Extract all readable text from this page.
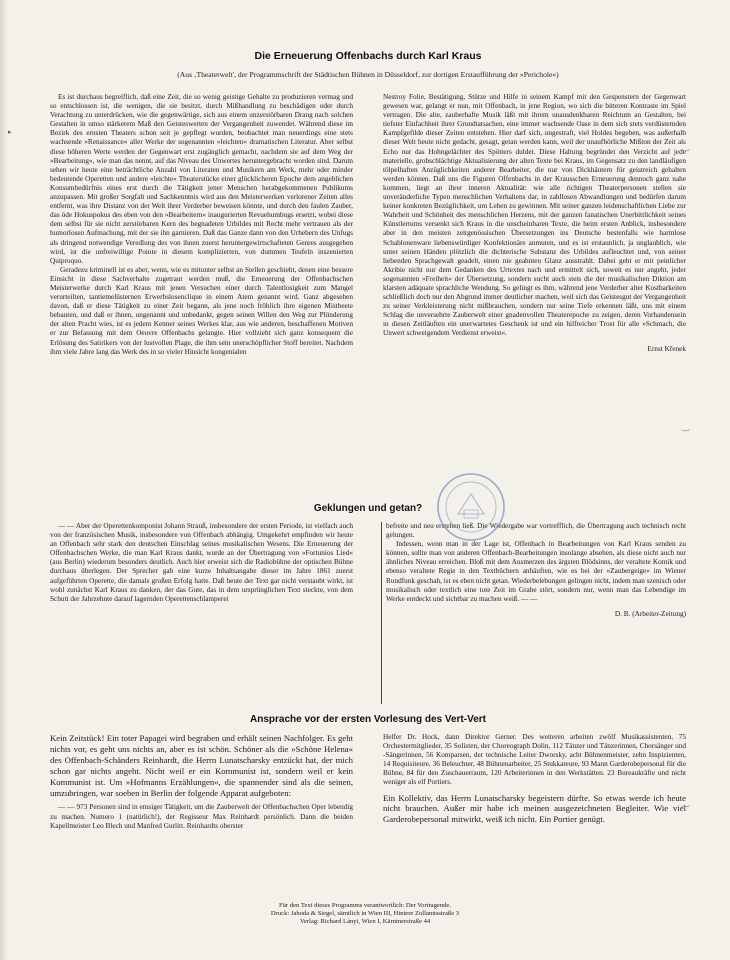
▸
‿
‿
‿
Die Erneuerung Offenbachs durch Karl Kraus
(Aus ‚Theaterwelt', der Programmschrift der Städtischen Bühnen in Düsseldorf, zur dortigen Erstaufführung der »Perichole«)

Es ist durchaus begreiflich, daß eine Zeit, die so wenig geistige Gehalte zu produzieren vermag und so entschlossen ist, die wenigen, die sie besitzt, durch Mißhandlung zu beschädigen oder durch Verachtung zu unterdrücken, wie die gegenwärtige, sich aus einem unzerstörbaren Drang nach solchen Gestalten in umso stärkerem Maß den Geisteswerten der Vergangenheit zuwendet. Während diese im Bezirk des ernsten Theaters schon seit je gepflegt wurden, beobachtet man neuerdings eine stets wachsende »Renaissance« aller Werke der sogenannten »leichten« dramatischen Literatur. Aber selbst diese höheren Werte werden der Gegenwart erst zugänglich gemacht, nachdem sie auf dem Weg der »Bearbeitung«, wie man das nennt, auf das Niveau des Unwertes heruntergebracht worden sind. Darum sehen wir heute eine beträchtliche Anzahl von Literaten und Musikern am Werk, mehr oder minder bedeutende Operetten und andere »leichte« Theaterstücke einer glücklicheren Epoche dem angeblichen Konsumbedürfnis eines erst durch die Tätigkeit jener Menschen herabgekommenen Publikums anzupassen. Mit großer Sorgfalt und Sachkenntnis wird aus den Meisterwerken verlorener Zeiten alles entfernt, was ihre Distanz von der Welt ihrer Verderber beweisen könnte, und durch den faulen Zauber, das öde Hokuspokus des eben von den »Bearbeitern« inaugurierten Revuehumbugs ersetzt, wobei diese dem selbst für sie nicht zerstörbaren Kern des begnadeten Urbildes mit Recht mehr vertrauen als der humorlosen Aufmachung, mit der sie ihn garnieren. Daß das Ganze dann von den Urhebern des Unfugs als dringend notwendige Veredlung des von ihnen zuerst heruntergewirtschafteten Genres ausgegeben wird, ist die unfreiwillige Pointe in diesem komplizierten, von dummen Teufeln inszenierten Quiproquo.

Geradezu kriminell ist es aber, wenn, wie es mitunter selbst an Stellen geschieht, denen eine bessere Einsicht in diese Sachverhalte zugetraut werden muß, die Erneuerung der Offenbachschen Meisterwerke durch Karl Kraus mit jenen Versuchen einer durch Talentlosigkeit zum Mangel verurteilten, tantiemelüsternen Erwerbslosenclique in einem Atem genannt wird. Ganz abgesehen davon, daß er diese Tätigkeit zu einer Zeit begann, als jene noch fröhlich ihre eigenen Mistbeete bebauten, und daß er ihnen, ungenannt und unbedankt, gegen seinen Willen den Weg zur Plünderung der alten Pracht wies, ist es jedem Kenner seines Werkes klar, aus wie anderen, beschaffenen Motiven er zur Befassung mit dem Oeuvre Offenbachs gelangte. Hier vollzieht sich ganz konsequent die Erlösung des Satirikers von der lustvollen Plage, die ihm sein unerschöpflicher Stoff bereitet. Nachdem ihm viele Jahre lang das Werk des in so vieler Hinsicht kongenialen

Nestroy Folie, Bestätigung, Stütze und Hilfe in seinem Kampf mit den Gespenstern der Gegenwart gewesen war, gelangt er nun, mit Offenbach, in jene Region, wo sich die bitteren Kontraste im Spiel vertragen. Die alte, zauberhafte Musik läßt mit ihrem unausdenkbaren Reichtum an Gestalten, bei tiefster Einfachheit ihrer Grundtatsachen, eine immer wachsende Oase in dem sich stets verdüsternden Kampfgefilde dieser Zeiten entstehen. Hier darf sich, ungestraft, viel Holdes begeben, was außerhalb dieser Welt heute nicht gedacht, gesagt, getan werden kann, weil der unaufhörliche Mißton der Zeit als Echo nur das Hohngelächter des Spötters duldet. Diese Haltung begründet den Verzicht auf jede materielle, grobschlächtige Aktualisierung der alten Texte bei Kraus, im Gegensatz zu den landläufigen tölpelhaften Anzüglichkeiten anderer Bearbeiter, die nur von Dickhäutern für geistreich gehalten werden können. Daß uns die Figuren Offenbachs in der Krausschen Erneuerung dennoch ganz nahe kommen, liegt an ihrer inneren Aktualität: wie alle richtigen Theaterpersonen stellen sie unveränderliche Typen menschlichen Verhaltens dar, in zahllosen Abwandlungen und bedürfen darum keiner konkreten Bezüglichkeit, um Leben zu gewinnen. Mit seiner ganzen leidenschaftlichen Liebe zur Wahrheit und Schönheit des menschlichen Herzens, mit der ganzen fanatischen Unerbittlichkeit seines Künstlertums versenkt sich Kraus in die unscheinbaren Texte, die beim ersten Anblick, insbesondere aber in den meisten zeitgenössischen Übersetzungen ins Deutsche bestenfalls wie harmlose Schablonenware liebenswürdiger Konfektionäre anmuten, und es ist erstaunlich, ja unglaublich, wie unter seinen Händen plötzlich die dichterische Substanz des Urbildes aufleuchtet und, von seiner liebenden Sprachgewalt geadelt, einen nie geahnten Glanz ausstrahlt. Dabei geht er mit peinlicher Akribie nicht nur dem Gedanken des Urtextes nach und ermittelt sich, soweit es nur angeht, jeder sogenannten »Freiheit« der Übersetzung, sondern sucht auch stets die der musikalischen Diktion am klarsten adäquate sprachliche Wendung. So gelingt es ihm, während jene Verderber alter Kostbarkeiten schließlich doch nur den Abgrund immer deutlicher machen, weil sich das Geistesgut der Vergangenheit zu seiner Verkleisterung nicht mißbrauchen, sondern nur seine Tiefe erkennen läßt, uns mit einem Schlag die unversehrte Zauberwelt einer gnadenvollen Theaterepoche zu zeigen, deren Vorhandensein in diesen Zeitläuften ein unerwartetes Geschenk ist und ein hilfreicher Trost für alle »Schmach, die Unwert schweigendem Verdienst erweist«.

Ernst Křenek

Geklungen und getan?

— — Aber der Operettenkomponist Johann Strauß, insbesondere der ersten Periode, ist vielfach auch von der französischen Musik, insbesondere von Offenbach abhängig. Umgekehrt empfinden wir heute an Offenbach sehr stark den deutschen Einschlag seines musikalischen Wesens. Die Erneuerung der Offenbachschen Werke, die man Karl Kraus dankt, wurde an der Übertragung von »Fortunios Lied« (aus Berlin) wiederum besonders deutlich. Auch hier erweist sich die Radiobühne der optischen Bühne durchaus überlegen. Der Sprecher gab eine kurze Inhaltsangabe dieser im Jahre 1861 zuerst aufgeführten Operette, die damals großen Erfolg hatte. Daß heute der Text gar nicht verstaubt wirkt, ist wohl zunächst Karl Kraus zu danken, der das Gute, das in dem ursprünglichen Text steckte, von dem Schutt der Jahrzehnte darauf lagernden Operettenschlamperei

befreite und neu erstehen ließ. Die Wiedergabe war vortrefflich, die Übertragung auch technisch recht gelungen.

Indessen, wenn man in der Lage ist, Offenbach in Bearbeitungen von Karl Kraus senden zu können, sollte man von anderen Offenbach-Bearbeitungen insolange absehen, als diese nicht auch nur ähnliches Niveau erreichen. Bloß mit dem Ausmerzen des ärgsten Blödsinns, der veraltete Komik und ebenso veraltete Regie in den Textbüchern anhäuften, wie es bei der »Zaubergeige« im Wiener Rundfunk geschah, ist es eben nicht getan. Wiederbelebungen gelingen nicht, indem man szenisch oder musikalisch oder textlich eine tote Zeit im Grabe stört, sondern nur, wenn man das Lebendige im Werke entdeckt und sichtbar zu machen weiß. — —

D. B. (Arbeiter-Zeitung)

Ansprache vor der ersten Vorlesung des Vert-Vert

Kein Zeitstück! Ein toter Papagei wird begraben und erhält seinen Nachfolger. Es geht nichts vor, es geht uns nichts an, aber es ist schön. Schöner als die »Schöne Helena« des Offenbach-Schänders Reinhardt, die Herrn Lunatscharsky entzückt hat, der mich schon gar nichts angeht. Nicht weil er ein Kommunist ist, sondern weil er kein Kommunist ist. Um »Hofmanns Erzählungen«, die spannender sind als die seinen, umzubringen, war soeben in Berlin der folgende Apparat aufgeboten:

— — 973 Personen sind in emsiger Tätigkeit, um die Zauberwelt der Offenbachschen Oper lebendig zu machen. Numero 1 (natürlich!), der Regisseur Max Reinhardt persönlich. Dann die beiden Kapellmeister Leo Blech und Manfred Gurlitt. Reinhardts oberster

Helfer Dr. Hock, dann Direktor Gerner. Des weiteren arbeiten zwölf Musikassistenten, 75 Orchestermitglieder, 35 Solisten, der Choreograph Dolin, 112 Tänzer und Tänzerinnen, Chorsänger und -Sängerinnen, 56 Komparsen, der technische Leiter Dworsky, acht Bühnenmeister, zehn Inspizienten, 14 Requisiteure, 36 Beleuchter, 48 Bühnenarbeiter, 25 Stukkateure, 93 Mann Garderobepersonal für die Bühne, 84 für den Zuschauerraum, 120 Arbeiterinnen in den Werkstätten. 23 Bureaukräfte und nicht weniger als elf Portiers.

Ein Kollektiv, das Herrn Lunatscharsky begeistern dürfte. So etwas werde ich heute nicht brauchen. Außer mir habe ich meinen ausgezeichneten Begleiter. Wie viel Garderobepersonal mitwirkt, weiß ich nicht. Ein Portier genügt.

Für den Text dieses Programms verantwortlich: Der Vortragende.
Druck: Jahoda & Siegel, sämtlich in Wien III, Hintere Zollamtsstraße 3
Verlag: Richard Lányi, Wien I, Kärntnerstraße 44
